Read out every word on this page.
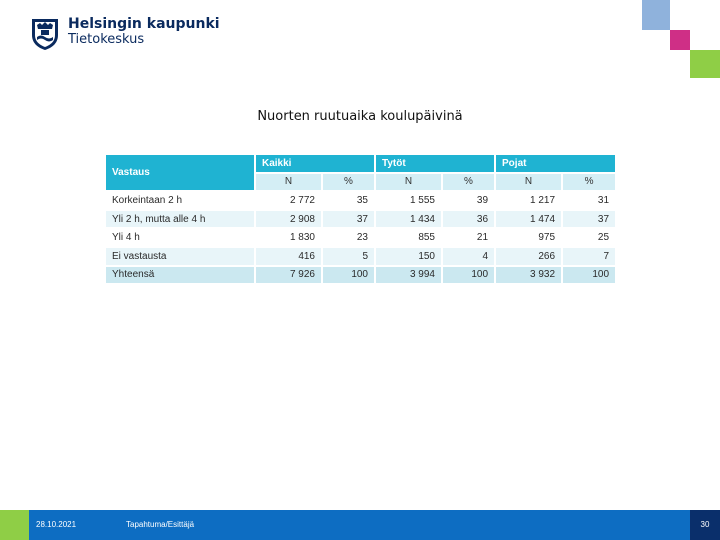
Helsingin kaupunki
Tietokeskus
Nuorten ruutuaika koulupäivinä
Vastaus	Kaikki		Tytöt		Pojat	
	N	%	N	%	N	%
Korkeintaan 2 h	2 772	35	1 555	39	1 217	31
Yli 2 h, mutta alle 4 h	2 908	37	1 434	36	1 474	37
Yli 4 h	1 830	23	855	21	975	25
Ei vastausta	416	5	150	4	266	7
Yhteensä	7 926	100	3 994	100	3 932	100
28.10.2021	Tapahtuma/Esittäjä	30
